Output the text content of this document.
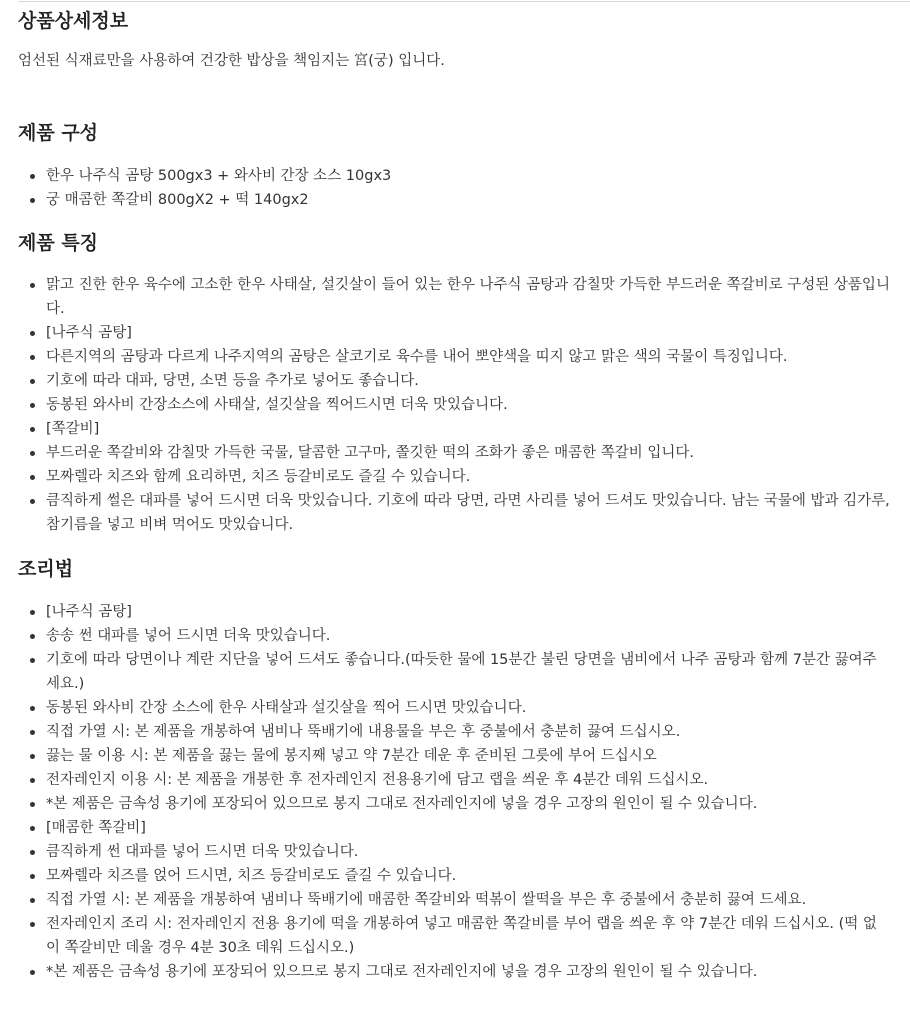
상품상세정보

엄선된 식재료만을 사용하여 건강한 밥상을 책임지는 宮(궁) 입니다.

제품 구성
한우 나주식 곰탕 500gx3 + 와사비 간장 소스 10gx3
궁 매콤한 쪽갈비 800gX2 + 떡 140gx2
제품 특징
맑고 진한 한우 육수에 고소한 한우 사태살, 설깃살이 들어 있는 한우 나주식 곰탕과 감칠맛 가득한 부드러운 쪽갈비로 구성된 상품입니다.
[나주식 곰탕]
다른지역의 곰탕과 다르게 나주지역의 곰탕은 살코기로 육수를 내어 뽀얀색을 띠지 않고 맑은 색의 국물이 특징입니다.
기호에 따라 대파, 당면, 소면 등을 추가로 넣어도 좋습니다.
동봉된 와사비 간장소스에 사태살, 설깃살을 찍어드시면 더욱 맛있습니다.
[쪽갈비]
부드러운 쪽갈비와 감칠맛 가득한 국물, 달콤한 고구마, 쫄깃한 떡의 조화가 좋은 매콤한 쪽갈비 입니다.
모짜렐라 치즈와 함께 요리하면, 치즈 등갈비로도 즐길 수 있습니다.
큼직하게 썰은 대파를 넣어 드시면 더욱 맛있습니다. 기호에 따라 당면, 라면 사리를 넣어 드셔도 맛있습니다. 남는 국물에 밥과 김가루, 참기름을 넣고 비벼 먹어도 맛있습니다.
조리법
[나주식 곰탕]
송송 썬 대파를 넣어 드시면 더욱 맛있습니다.
기호에 따라 당면이나 계란 지단을 넣어 드셔도 좋습니다.(따듯한 물에 15분간 불린 당면을 냄비에서 나주 곰탕과 함께 7분간 끓여주세요.)
동봉된 와사비 간장 소스에 한우 사태살과 설깃살을 찍어 드시면 맛있습니다.
직접 가열 시: 본 제품을 개봉하여 냄비나 뚝배기에 내용물을 부은 후 중불에서 충분히 끓여 드십시오.
끓는 물 이용 시: 본 제품을 끓는 물에 봉지째 넣고 약 7분간 데운 후 준비된 그릇에 부어 드십시오
전자레인지 이용 시: 본 제품을 개봉한 후 전자레인지 전용용기에 담고 랩을 씌운 후 4분간 데워 드십시오.
*본 제품은 금속성 용기에 포장되어 있으므로 봉지 그대로 전자레인지에 넣을 경우 고장의 원인이 될 수 있습니다.
[매콤한 쪽갈비]
큼직하게 썬 대파를 넣어 드시면 더욱 맛있습니다.
모짜렐라 치즈를 얹어 드시면, 치즈 등갈비로도 즐길 수 있습니다.
직접 가열 시: 본 제품을 개봉하여 냄비나 뚝배기에 매콤한 쪽갈비와 떡볶이 쌀떡을 부은 후 중불에서 충분히 끓여 드세요.
전자레인지 조리 시: 전자레인지 전용 용기에 떡을 개봉하여 넣고 매콤한 쪽갈비를 부어 랩을 씌운 후 약 7분간 데워 드십시오. (떡 없이 쪽갈비만 데울 경우 4분 30초 데워 드십시오.)
*본 제품은 금속성 용기에 포장되어 있으므로 봉지 그대로 전자레인지에 넣을 경우 고장의 원인이 될 수 있습니다.
